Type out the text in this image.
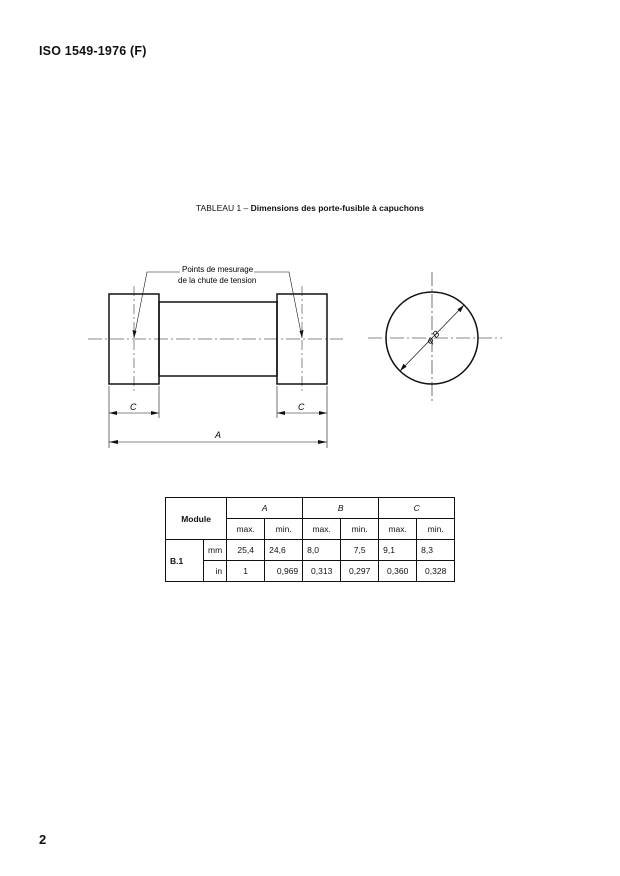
ISO 1549-1976 (F)
TABLEAU 1 – Dimensions des porte-fusible à capuchons
Points de mesurage
de la chute de tension
C	C
A
φ B
Module		A		B		C	
		max.	min.	max.	min.	max.	min.
B.1	mm	25,4	24,6	8,0	7,5	9,1	8,3
	in	1	0,969	0,313	0,297	0,360	0,328
2
